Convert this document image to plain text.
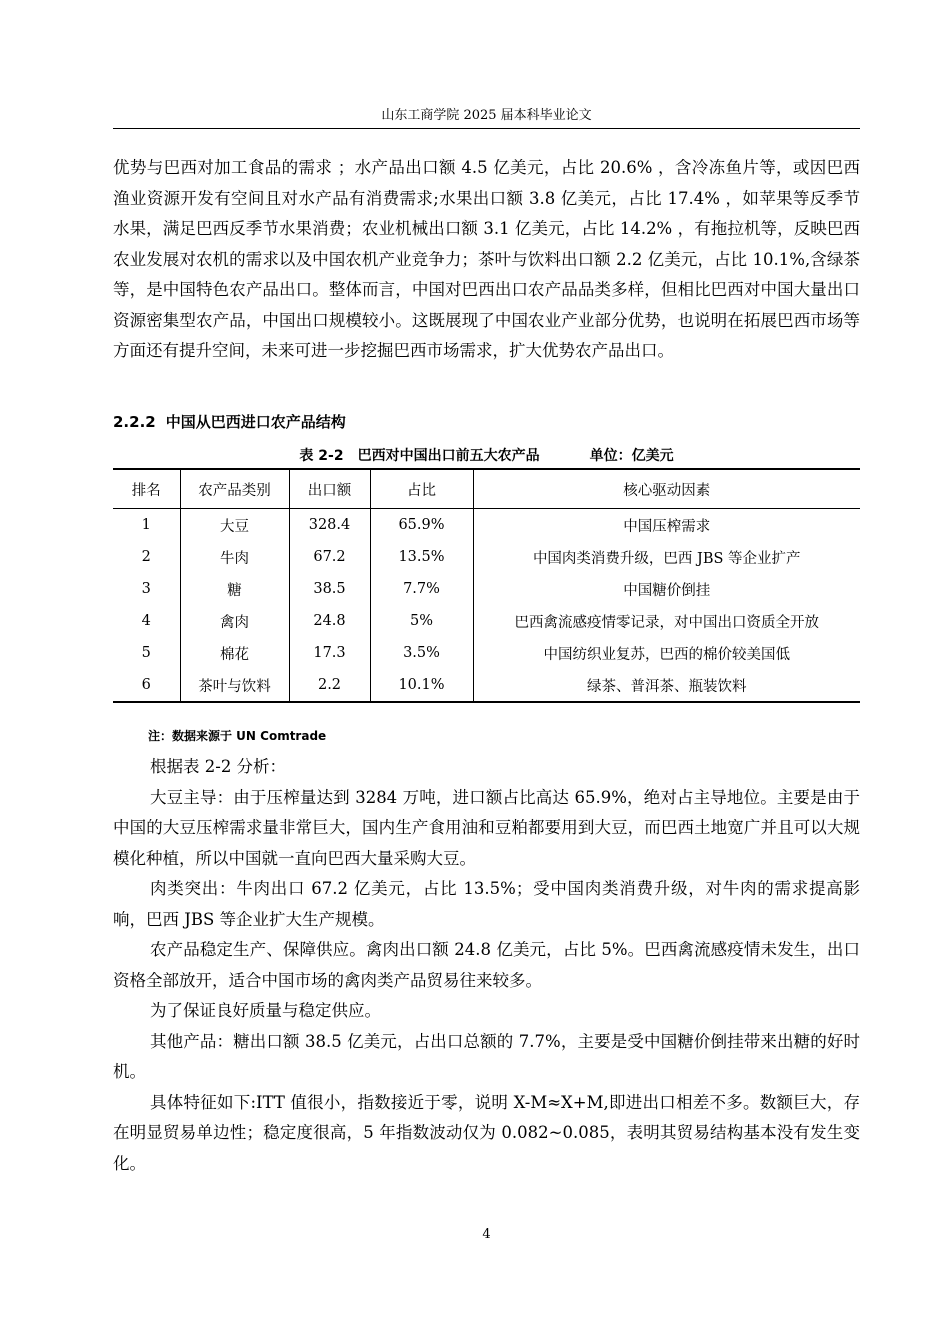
山东工商学院 2025 届本科毕业论文

优势与巴西对加工食品的需求 ；水产品出口额 4.5 亿美元，占比 20.6% ，含冷冻鱼片等，或因巴西渔业资源开发有空间且对水产品有消费需求;水果出口额 3.8 亿美元，占比 17.4% ，如苹果等反季节水果，满足巴西反季节水果消费；农业机械出口额 3.1 亿美元，占比 14.2% ，有拖拉机等，反映巴西农业发展对农机的需求以及中国农机产业竞争力；茶叶与饮料出口额 2.2 亿美元，占比 10.1%,含绿茶等，是中国特色农产品出口。整体而言，中国对巴西出口农产品品类多样，但相比巴西对中国大量出口资源密集型农产品，中国出口规模较小。这既展现了中国农业产业部分优势，也说明在拓展巴西市场等方面还有提升空间，未来可进一步挖掘巴西市场需求，扩大优势农产品出口。

2.2.2 中国从巴西进口农产品结构
表 2-2　巴西对中国出口前五大农产品	单位：亿美元
排名	农产品类别	出口额	占比	核心驱动因素
1	大豆	328.4	65.9%	中国压榨需求
2	牛肉	67.2	13.5%	中国肉类消费升级，巴西 JBS 等企业扩产
3	糖	38.5	7.7%	中国糖价倒挂
4	禽肉	24.8	5%	巴西禽流感疫情零记录，对中国出口资质全开放
5	棉花	17.3	3.5%	中国纺织业复苏，巴西的棉价较美国低
6	茶叶与饮料	2.2	10.1%	绿茶、普洱茶、瓶装饮料
注：数据来源于 UN Comtrade

根据表 2-2 分析：

大豆主导：由于压榨量达到 3284 万吨，进口额占比高达 65.9%，绝对占主导地位。主要是由于中国的大豆压榨需求量非常巨大，国内生产食用油和豆粕都要用到大豆，而巴西土地宽广并且可以大规模化种植，所以中国就一直向巴西大量采购大豆。

肉类突出：牛肉出口 67.2 亿美元，占比 13.5%；受中国肉类消费升级，对牛肉的需求提高影响，巴西 JBS 等企业扩大生产规模。

农产品稳定生产、保障供应。禽肉出口额 24.8 亿美元，占比 5%。巴西禽流感疫情未发生，出口资格全部放开，适合中国市场的禽肉类产品贸易往来较多。

为了保证良好质量与稳定供应。

其他产品：糖出口额 38.5 亿美元，占出口总额的 7.7%，主要是受中国糖价倒挂带来出糖的好时机。

具体特征如下:ITT 值很小，指数接近于零，说明 X-M≈X+M,即进出口相差不多。数额巨大，存在明显贸易单边性；稳定度很高，5 年指数波动仅为 0.082~0.085，表明其贸易结构基本没有发生变化。

4
